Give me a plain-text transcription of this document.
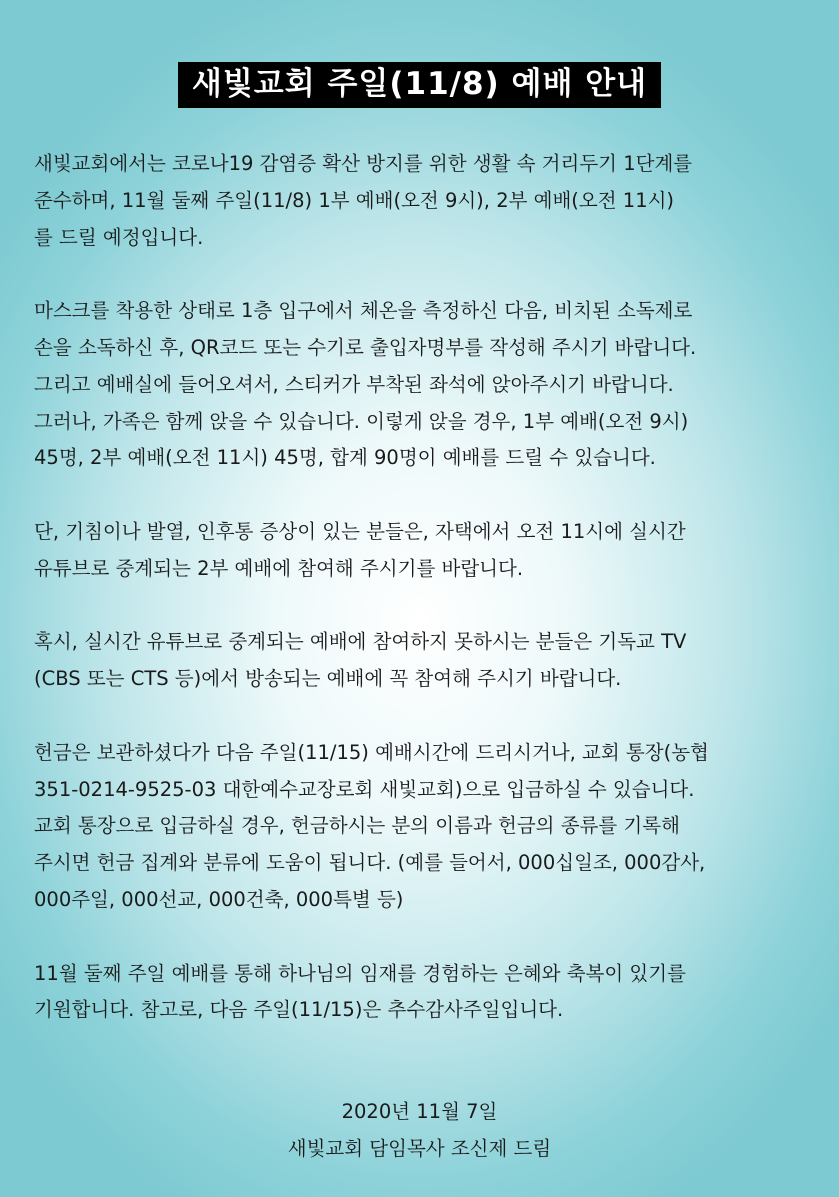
새빛교회 주일(11/8) 예배 안내
새빛교회에서는 코로나19 감염증 확산 방지를 위한 생활 속 거리두기 1단계를
준수하며, 11월 둘째 주일(11/8) 1부 예배(오전 9시), 2부 예배(오전 11시)
를 드릴 예정입니다.
마스크를 착용한 상태로 1층 입구에서 체온을 측정하신 다음, 비치된 소독제로
손을 소독하신 후, QR코드 또는 수기로 출입자명부를 작성해 주시기 바랍니다.
그리고 예배실에 들어오셔서, 스티커가 부착된 좌석에 앉아주시기 바랍니다.
그러나, 가족은 함께 앉을 수 있습니다. 이렇게 앉을 경우, 1부 예배(오전 9시)
45명, 2부 예배(오전 11시) 45명, 합계 90명이 예배를 드릴 수 있습니다.
단, 기침이나 발열, 인후통 증상이 있는 분들은, 자택에서 오전 11시에 실시간
유튜브로 중계되는 2부 예배에 참여해 주시기를 바랍니다.
혹시, 실시간 유튜브로 중계되는 예배에 참여하지 못하시는 분들은 기독교 TV
(CBS 또는 CTS 등)에서 방송되는 예배에 꼭 참여해 주시기 바랍니다.
헌금은 보관하셨다가 다음 주일(11/15) 예배시간에 드리시거나, 교회 통장(농협
351-0214-9525-03 대한예수교장로회 새빛교회)으로 입금하실 수 있습니다.
교회 통장으로 입금하실 경우, 헌금하시는 분의 이름과 헌금의 종류를 기록해
주시면 헌금 집계와 분류에 도움이 됩니다. (예를 들어서, 000십일조, 000감사,
000주일, 000선교, 000건축, 000특별 등)
11월 둘째 주일 예배를 통해 하나님의 임재를 경험하는 은혜와 축복이 있기를
기원합니다. 참고로, 다음 주일(11/15)은 추수감사주일입니다.
2020년 11월 7일
새빛교회 담임목사 조신제 드림
